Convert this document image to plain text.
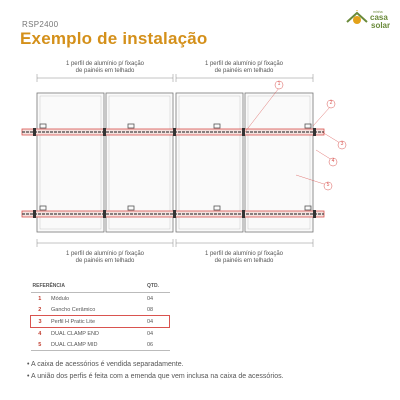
RSP2400
Exemplo de instalação
minha
casa
solar
1 perfil de alumínio p/ fixação
de painéis em telhado
1 perfil de alumínio p/ fixação
de painéis em telhado
1 perfil de alumínio p/ fixação
de painéis em telhado
1 perfil de alumínio p/ fixação
de painéis em telhado
1
2
3
4
5
REFERÊNCIA		QTD.
1	Módulo	04
2	Gancho Cerâmico	08
3	Perfil H Pratic Lite	04
4	DUAL CLAMP END	04
5	DUAL CLAMP MID	06
• A caixa de acessórios é vendida separadamente.
• A união dos perfis é feita com a emenda que vem inclusa na caixa de acessórios.
